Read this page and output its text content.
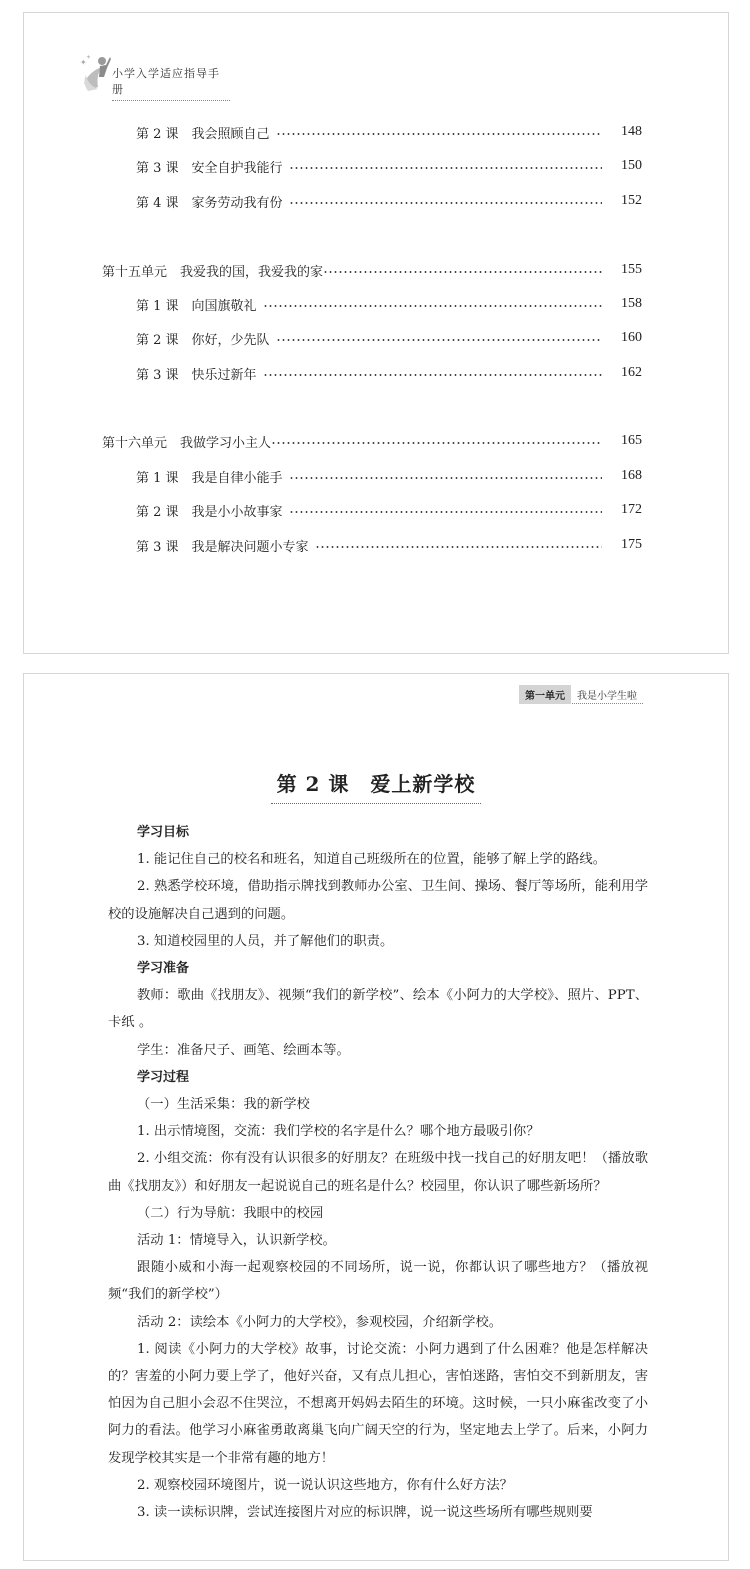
✦
✦
小学入学适应指导手册
第 2 课　我会照顾自己	148
第 3 课　安全自护我能行	150
第 4 课　家务劳动我有份	152
第十五单元　我爱我的国，我爱我的家	155
第 1 课　向国旗敬礼	158
第 2 课　你好，少先队	160
第 3 课　快乐过新年	162
第十六单元　我做学习小主人	165
第 1 课　我是自律小能手	168
第 2 课　我是小小故事家	172
第 3 课　我是解决问题小专家	175
第一单元	我是小学生啦
第 2 课　爱上新学校

学习目标

1. 能记住自己的校名和班名，知道自己班级所在的位置，能够了解上学的路线。

2. 熟悉学校环境，借助指示牌找到教师办公室、卫生间、操场、餐厅等场所，能利用学校的设施解决自己遇到的问题。

3. 知道校园里的人员，并了解他们的职责。

学习准备

教师：歌曲《找朋友》、视频“我们的新学校”、绘本《小阿力的大学校》、照片、PPT、卡纸 。

学生：准备尺子、画笔、绘画本等。

学习过程

（一）生活采集：我的新学校

1. 出示情境图，交流：我们学校的名字是什么？哪个地方最吸引你？

2. 小组交流：你有没有认识很多的好朋友？在班级中找一找自己的好朋友吧！（播放歌曲《找朋友》）和好朋友一起说说自己的班名是什么？校园里，你认识了哪些新场所？

（二）行为导航：我眼中的校园

活动 1：情境导入，认识新学校。

跟随小威和小海一起观察校园的不同场所，说一说，你都认识了哪些地方？（播放视频“我们的新学校”）

活动 2：读绘本《小阿力的大学校》，参观校园，介绍新学校。

1. 阅读《小阿力的大学校》故事，讨论交流：小阿力遇到了什么困难？他是怎样解决的？害羞的小阿力要上学了，他好兴奋，又有点儿担心，害怕迷路，害怕交不到新朋友，害怕因为自己胆小会忍不住哭泣，不想离开妈妈去陌生的环境。这时候，一只小麻雀改变了小阿力的看法。他学习小麻雀勇敢离巢飞向广阔天空的行为，坚定地去上学了。后来，小阿力发现学校其实是一个非常有趣的地方！

2. 观察校园环境图片，说一说认识这些地方，你有什么好方法？

3. 读一读标识牌，尝试连接图片对应的标识牌，说一说这些场所有哪些规则要
